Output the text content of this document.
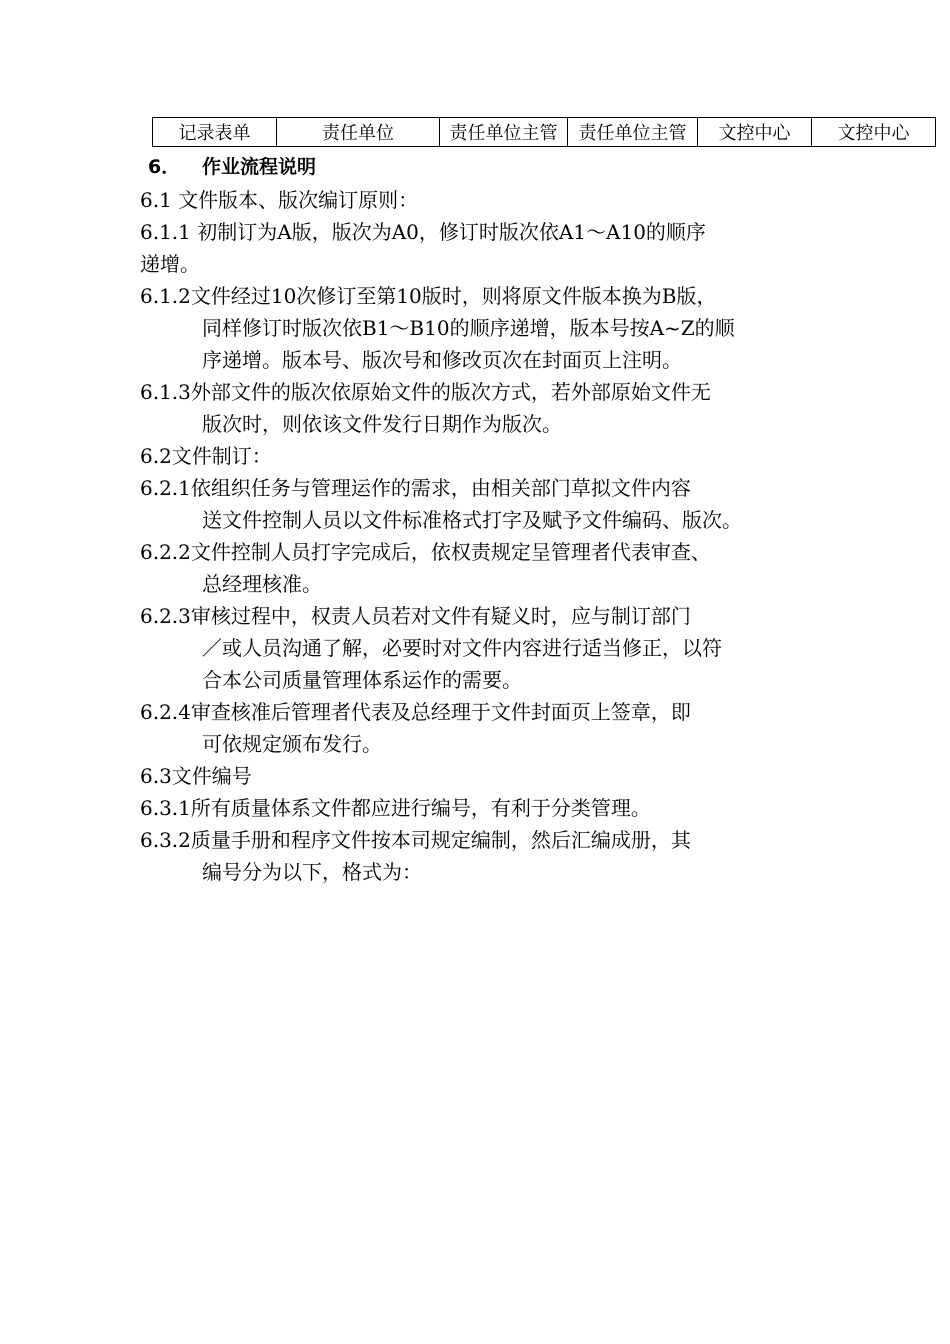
记录表单	责任单位	责任单位主管	责任单位主管	文控中心	文控中心
6． 作业流程说明
6.1 文件版本、版次编订原则：
6.1.1 初制订为A版，版次为A0，修订时版次依A1～A10的顺序
递增。
6.1.2文件经过10次修订至第10版时，则将原文件版本换为B版，
同样修订时版次依B1～B10的顺序递增，版本号按A~Z的顺
序递增。版本号、版次号和修改页次在封面页上注明。
6.1.3外部文件的版次依原始文件的版次方式，若外部原始文件无
版次时，则依该文件发行日期作为版次。
6.2文件制订：
6.2.1依组织任务与管理运作的需求，由相关部门草拟文件内容
送文件控制人员以文件标准格式打字及赋予文件编码、版次。
6.2.2文件控制人员打字完成后，依权责规定呈管理者代表审查、
总经理核准。
6.2.3审核过程中，权责人员若对文件有疑义时，应与制订部门
／或人员沟通了解，必要时对文件内容进行适当修正，以符
合本公司质量管理体系运作的需要。
6.2.4审查核准后管理者代表及总经理于文件封面页上签章，即
可依规定颁布发行。
6.3文件编号
6.3.1所有质量体系文件都应进行编号，有利于分类管理。
6.3.2质量手册和程序文件按本司规定编制，然后汇编成册，其
编号分为以下，格式为：
